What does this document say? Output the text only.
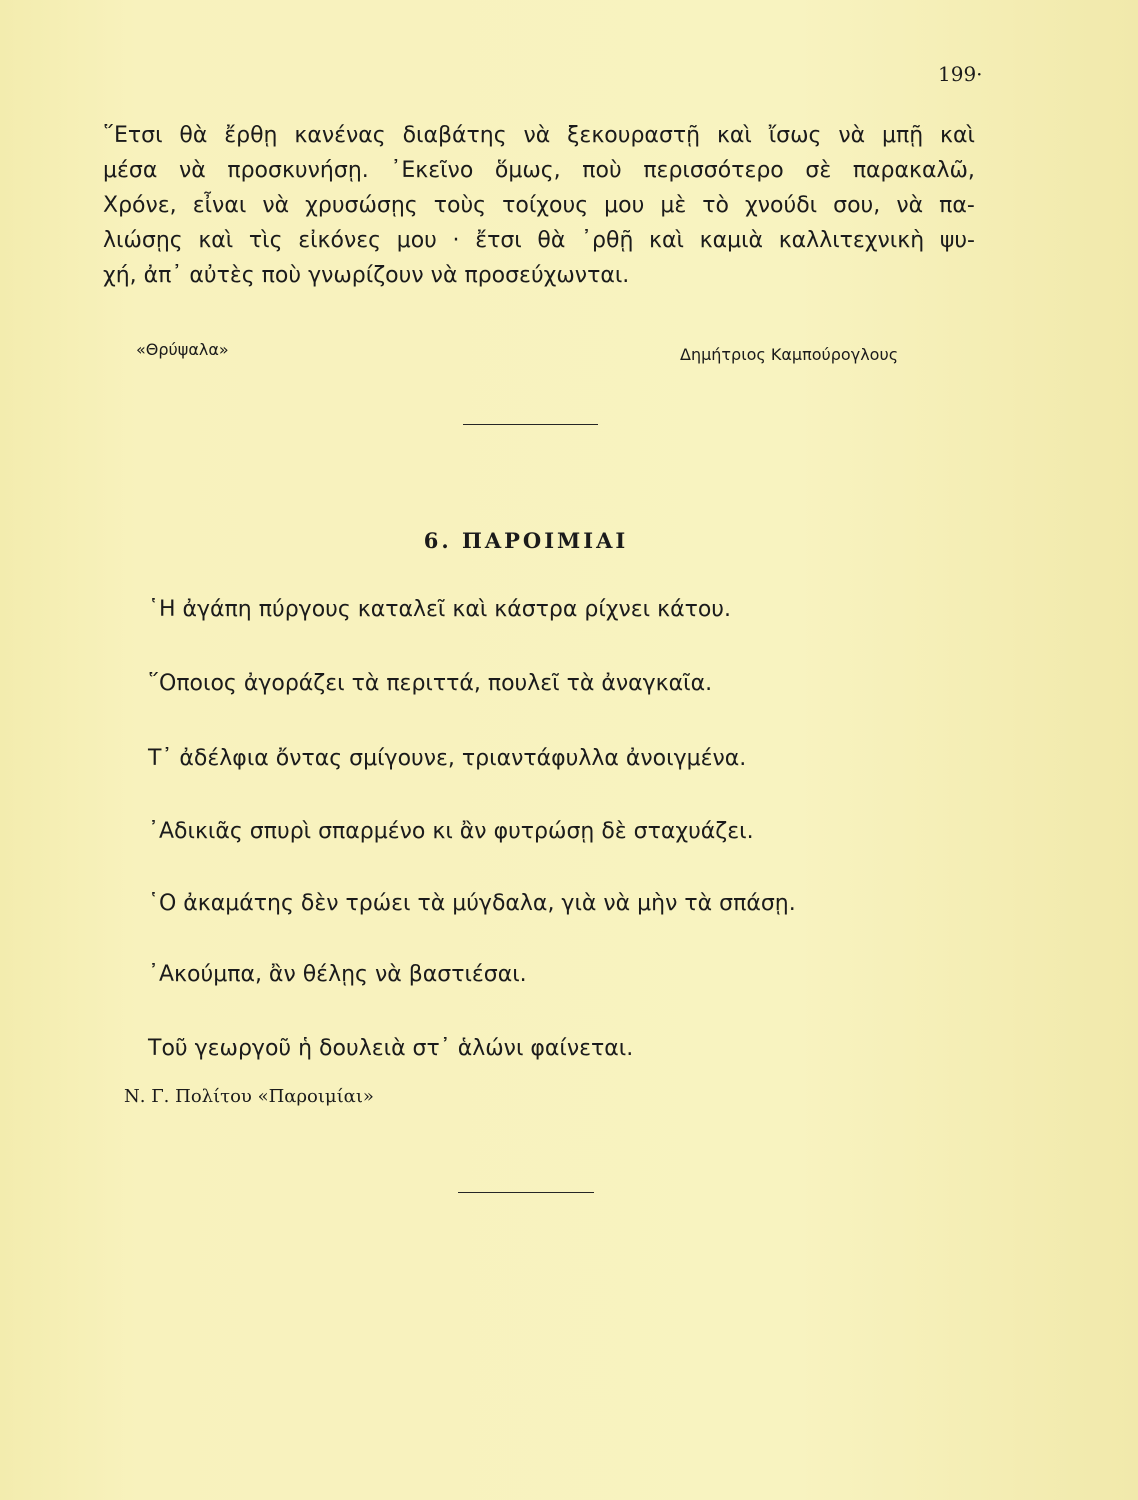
199·
῞Ετσι θὰ ἔρθῃ κανένας διαβάτης νὰ ξεκουραστῇ καὶ ἴσως νὰ μπῇ καὶ
μέσα νὰ προσκυνήσῃ. ᾿Εκεῖνο ὅμως, ποὺ περισσότερο σὲ παρακαλῶ,
Χρόνε, εἶναι νὰ χρυσώσῃς τοὺς τοίχους μου μὲ τὸ χνούδι σου, νὰ πα-
λιώσῃς καὶ τὶς εἰκόνες μου · ἔτσι θὰ ᾿ρθῇ καὶ καμιὰ καλλιτεχνικὴ ψυ-
χή, ἀπ᾿ αὐτὲς ποὺ γνωρίζουν νὰ προσεύχωνται.
«Θρύψαλα»	Δημήτριος Καμπούρογλους
6. ΠΑΡΟΙΜΙΑΙ
῾Η ἀγάπη πύργους καταλεῖ καὶ κάστρα ρίχνει κάτου.
῞Οποιος ἀγοράζει τὰ περιττά, πουλεῖ τὰ ἀναγκαῖα.
Τ᾿ ἀδέλφια ὄντας σμίγουνε, τριαντάφυλλα ἀνοιγμένα.
᾿Αδικιᾶς σπυρὶ σπαρμένο κι ἂν φυτρώσῃ δὲ σταχυάζει.
῾Ο ἀκαμάτης δὲν τρώει τὰ μύγδαλα, γιὰ νὰ μὴν τὰ σπάσῃ.
᾿Ακούμπα, ἂν θέλῃς νὰ βαστιέσαι.
Τοῦ γεωργοῦ ἡ δουλειὰ στ᾿ ἁλώνι φαίνεται.
Ν. Γ. Πολίτου «Παροιμίαι»
